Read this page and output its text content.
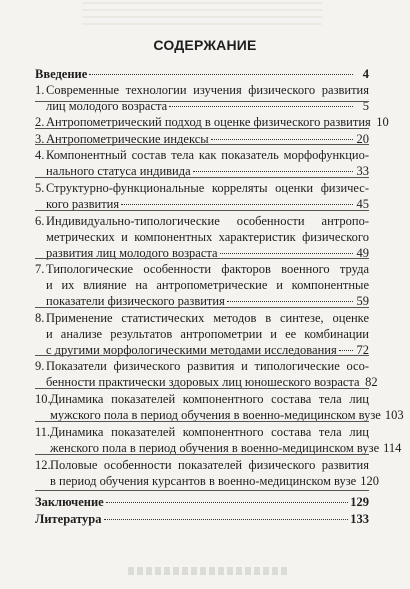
СОДЕРЖАНИЕ
Введение	4
1. Современные технологии изучения физического развития
лиц молодого возраста	5
2. Антропометрический подход в оценке физического развития 10
3. Антропометрические индексы	20
4. Компонентный состав тела как показатель морфофункцио-
нального статуса индивида	33
5. Структурно-функциональные корреляты оценки физичес-
кого развития	45
6. Индивидуально-типологические особенности антропо-
метрических и компонентных характеристик физического
развития лиц молодого возраста	49
7. Типологические особенности факторов военного труда
и их влияние на антропометрические и компонентные
показатели физического развития	59
8. Применение статистических методов в синтезе, оценке
и анализе результатов антропометрии и ее комбинации
с другими морфологическими методами исследования 72
9. Показатели физического развития и типологические осо-
бенности практически здоровых лиц юношеского возраста 82
10. Динамика показателей компонентного состава тела лиц
мужского пола в период обучения в военно-медицинском вузе 103
11. Динамика показателей компонентного состава тела лиц
женского пола в период обучения в военно-медицинском вузе 114
12. Половые особенности показателей физического развития
в период обучения курсантов в военно-медицинском вузе 120
Заключение	129
Литература	133
